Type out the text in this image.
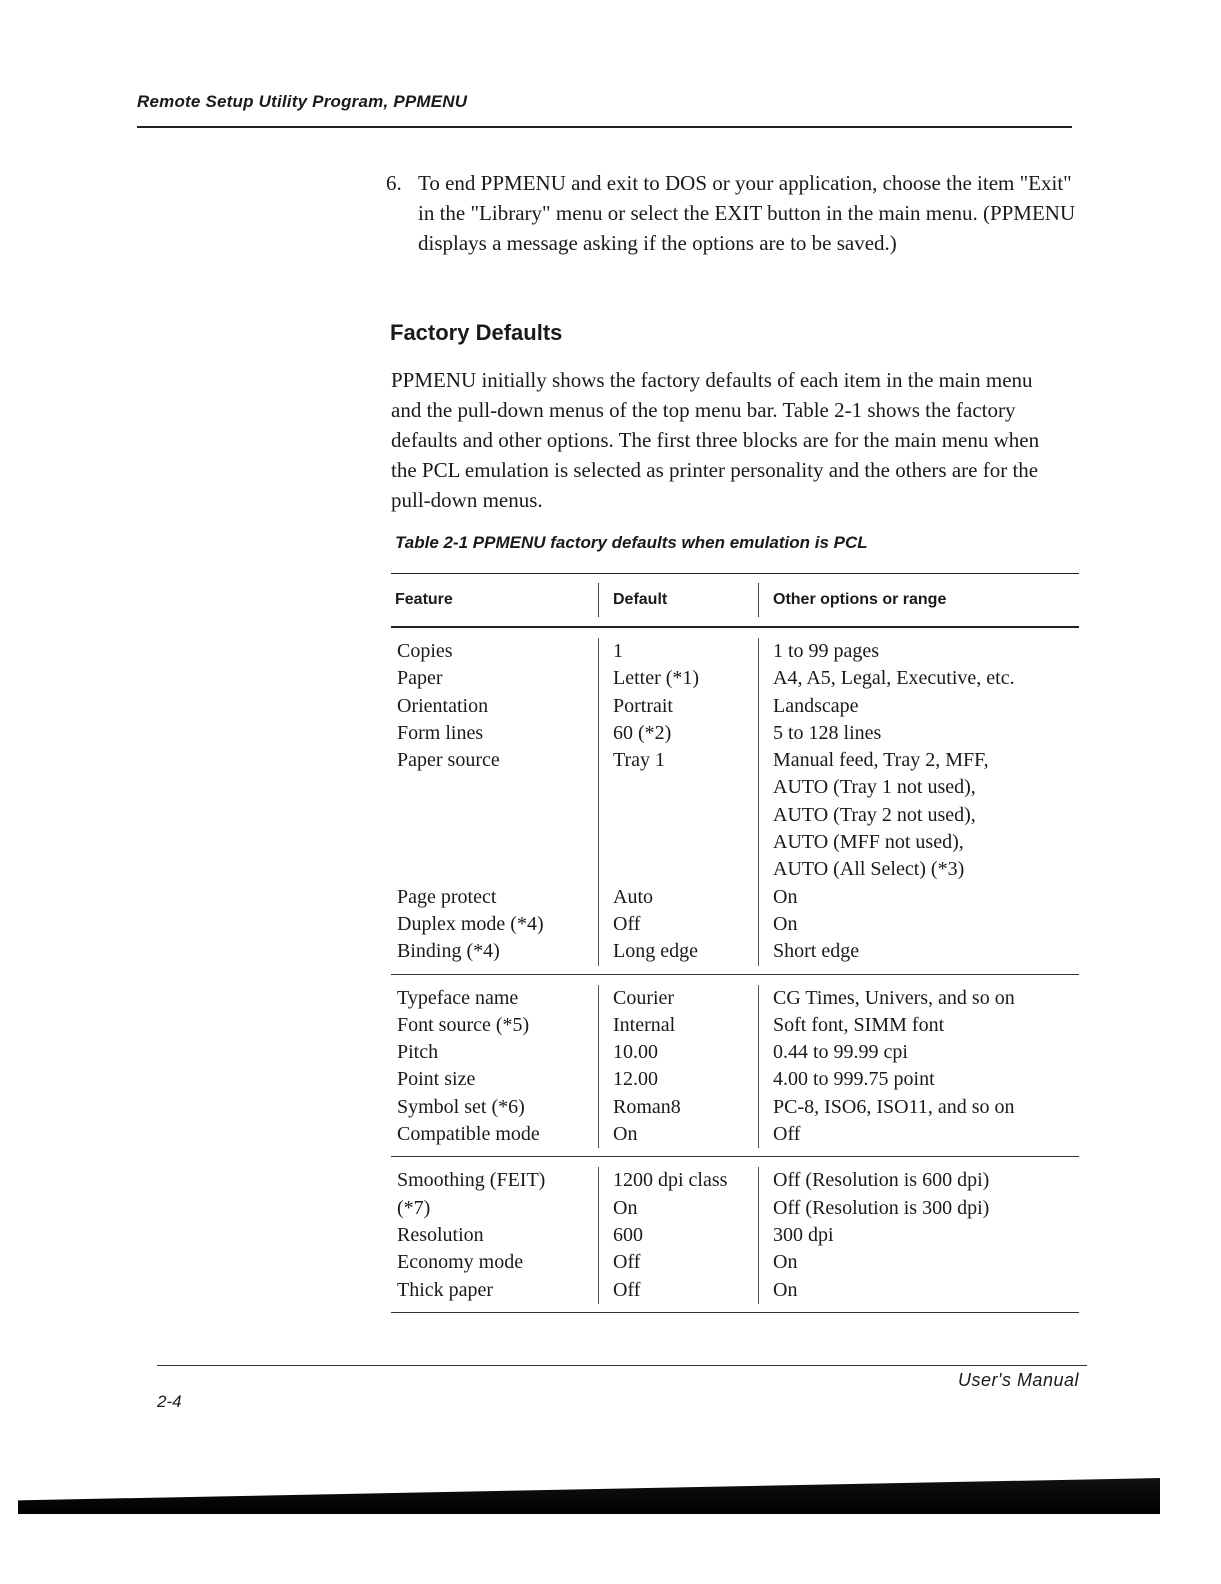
Remote Setup Utility Program, PPMENU
6. To end PPMENU and exit to DOS or your application, choose the item "Exit" in the "Library" menu or select the EXIT button in the main menu. (PPMENU displays a message asking if the options are to be saved.)
Factory Defaults
PPMENU initially shows the factory defaults of each item in the main menu and the pull-down menus of the top menu bar. Table 2-1 shows the factory defaults and other options. The first three blocks are for the main menu when the PCL emulation is selected as printer personality and the others are for the pull-down menus.
Table 2-1 PPMENU factory defaults when emulation is PCL
Feature	Default	Other options or range
Copies
Paper
Orientation
Form lines
Paper source
Page protect
Duplex mode (*4)
Binding (*4)
1
Letter (*1)
Portrait
60 (*2)
Tray 1
Auto
Off
Long edge
1 to 99 pages
A4, A5, Legal, Executive, etc.
Landscape
5 to 128 lines
Manual feed, Tray 2, MFF,
AUTO (Tray 1 not used),
AUTO (Tray 2 not used),
AUTO (MFF not used),
AUTO (All Select) (*3)
On
On
Short edge
Typeface name
Font source (*5)
Pitch
Point size
Symbol set (*6)
Compatible mode
Courier
Internal
10.00
12.00
Roman8
On
CG Times, Univers, and so on
Soft font, SIMM font
0.44 to 99.99 cpi
4.00 to 999.75 point
PC-8, ISO6, ISO11, and so on
Off
Smoothing (FEIT)
(*7)
Resolution
Economy mode
Thick paper
1200 dpi class
On
600
Off
Off
Off (Resolution is 600 dpi)
Off (Resolution is 300 dpi)
300 dpi
On
On
2-4
User's Manual
